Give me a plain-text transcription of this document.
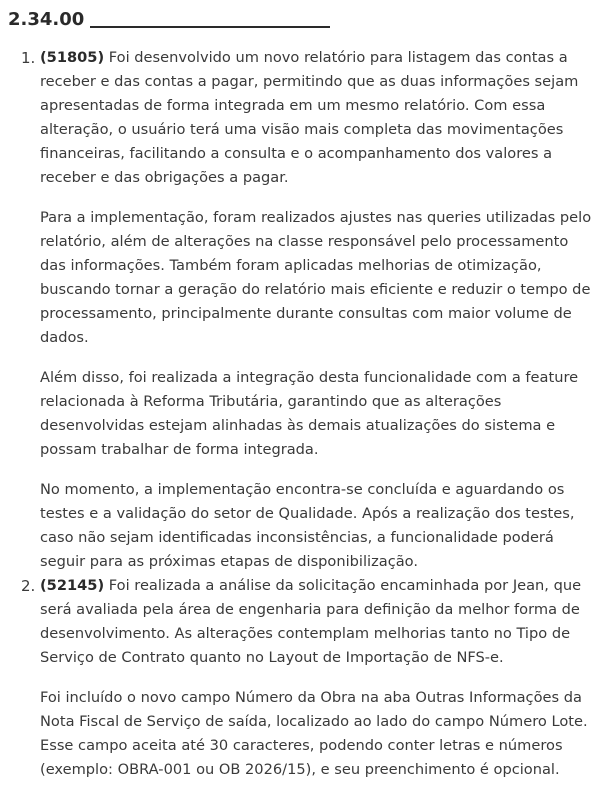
2.34.00
1. (51805) Foi desenvolvido um novo relatório para listagem das contas a receber e das contas a pagar, permitindo que as duas informações sejam apresentadas de forma integrada em um mesmo relatório. Com essa alteração, o usuário terá uma visão mais completa das movimentações financeiras, facilitando a consulta e o acompanhamento dos valores a receber e das obrigações a pagar.

Para a implementação, foram realizados ajustes nas queries utilizadas pelo relatório, além de alterações na classe responsável pelo processamento das informações. Também foram aplicadas melhorias de otimização, buscando tornar a geração do relatório mais eficiente e reduzir o tempo de processamento, principalmente durante consultas com maior volume de dados.

Além disso, foi realizada a integração desta funcionalidade com a feature relacionada à Reforma Tributária, garantindo que as alterações desenvolvidas estejam alinhadas às demais atualizações do sistema e possam trabalhar de forma integrada.

No momento, a implementação encontra-se concluída e aguardando os testes e a validação do setor de Qualidade. Após a realização dos testes, caso não sejam identificadas inconsistências, a funcionalidade poderá seguir para as próximas etapas de disponibilização.

2. (52145) Foi realizada a análise da solicitação encaminhada por Jean, que será avaliada pela área de engenharia para definição da melhor forma de desenvolvimento. As alterações contemplam melhorias tanto no Tipo de Serviço de Contrato quanto no Layout de Importação de NFS-e.

Foi incluído o novo campo Número da Obra na aba Outras Informações da Nota Fiscal de Serviço de saída, localizado ao lado do campo Número Lote. Esse campo aceita até 30 caracteres, podendo conter letras e números (exemplo: OBRA-001 ou OB 2026/15), e seu preenchimento é opcional.
